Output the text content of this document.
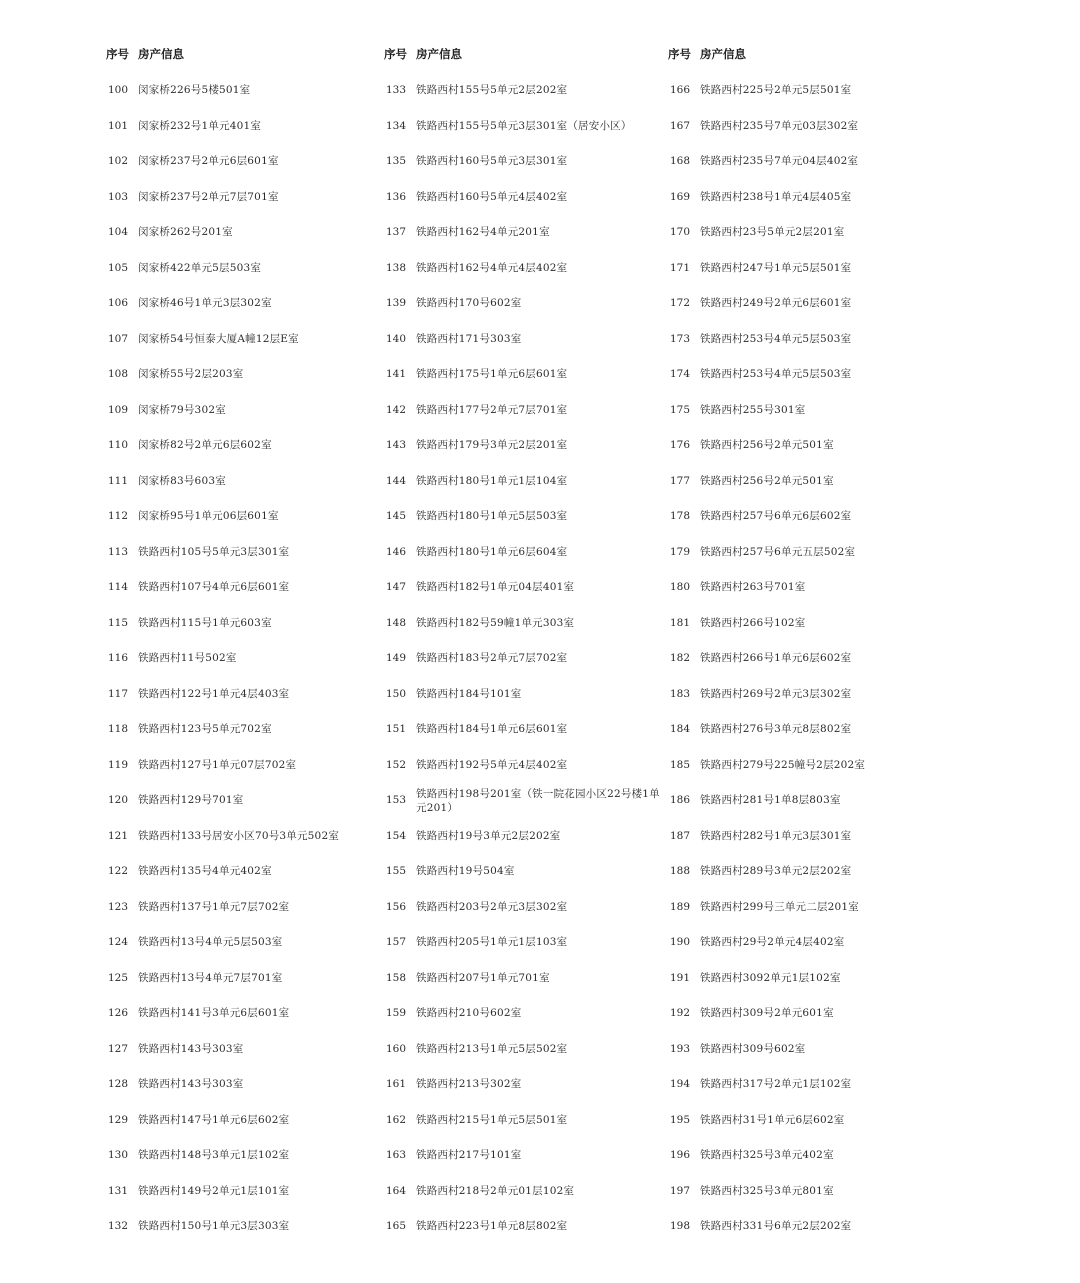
序号 房产信息
100 闵家桥226号5楼501室
101 闵家桥232号1单元401室
102 闵家桥237号2单元6层601室
103 闵家桥237号2单元7层701室
104 闵家桥262号201室
105 闵家桥422单元5层503室
106 闵家桥46号1单元3层302室
107 闵家桥54号恒泰大厦A幢12层E室
108 闵家桥55号2层203室
109 闵家桥79号302室
110 闵家桥82号2单元6层602室
111 闵家桥83号603室
112 闵家桥95号1单元06层601室
113 铁路西村105号5单元3层301室
114 铁路西村107号4单元6层601室
115 铁路西村115号1单元603室
116 铁路西村11号502室
117 铁路西村122号1单元4层403室
118 铁路西村123号5单元702室
119 铁路西村127号1单元07层702室
120 铁路西村129号701室
121 铁路西村133号居安小区70号3单元502室
122 铁路西村135号4单元402室
123 铁路西村137号1单元7层702室
124 铁路西村13号4单元5层503室
125 铁路西村13号4单元7层701室
126 铁路西村141号3单元6层601室
127 铁路西村143号303室
128 铁路西村143号303室
129 铁路西村147号1单元6层602室
130 铁路西村148号3单元1层102室
131 铁路西村149号2单元1层101室
132 铁路西村150号1单元3层303室
序号 房产信息
133 铁路西村155号5单元2层202室
134 铁路西村155号5单元3层301室（居安小区）
135 铁路西村160号5单元3层301室
136 铁路西村160号5单元4层402室
137 铁路西村162号4单元201室
138 铁路西村162号4单元4层402室
139 铁路西村170号602室
140 铁路西村171号303室
141 铁路西村175号1单元6层601室
142 铁路西村177号2单元7层701室
143 铁路西村179号3单元2层201室
144 铁路西村180号1单元1层104室
145 铁路西村180号1单元5层503室
146 铁路西村180号1单元6层604室
147 铁路西村182号1单元04层401室
148 铁路西村182号59幢1单元303室
149 铁路西村183号2单元7层702室
150 铁路西村184号101室
151 铁路西村184号1单元6层601室
152 铁路西村192号5单元4层402室
153
铁路西村198号201室（铁一院花园小区22号楼1单元201）
154 铁路西村19号3单元2层202室
155 铁路西村19号504室
156 铁路西村203号2单元3层302室
157 铁路西村205号1单元1层103室
158 铁路西村207号1单元701室
159 铁路西村210号602室
160 铁路西村213号1单元5层502室
161 铁路西村213号302室
162 铁路西村215号1单元5层501室
163 铁路西村217号101室
164 铁路西村218号2单元01层102室
165 铁路西村223号1单元8层802室
序号 房产信息
166 铁路西村225号2单元5层501室
167 铁路西村235号7单元03层302室
168 铁路西村235号7单元04层402室
169 铁路西村238号1单元4层405室
170 铁路西村23号5单元2层201室
171 铁路西村247号1单元5层501室
172 铁路西村249号2单元6层601室
173 铁路西村253号4单元5层503室
174 铁路西村253号4单元5层503室
175 铁路西村255号301室
176 铁路西村256号2单元501室
177 铁路西村256号2单元501室
178 铁路西村257号6单元6层602室
179 铁路西村257号6单元五层502室
180 铁路西村263号701室
181 铁路西村266号102室
182 铁路西村266号1单元6层602室
183 铁路西村269号2单元3层302室
184 铁路西村276号3单元8层802室
185 铁路西村279号225幢号2层202室
186 铁路西村281号1单8层803室
187 铁路西村282号1单元3层301室
188 铁路西村289号3单元2层202室
189 铁路西村299号三单元二层201室
190 铁路西村29号2单元4层402室
191 铁路西村3092单元1层102室
192 铁路西村309号2单元601室
193 铁路西村309号602室
194 铁路西村317号2单元1层102室
195 铁路西村31号1单元6层602室
196 铁路西村325号3单元402室
197 铁路西村325号3单元801室
198 铁路西村331号6单元2层202室
